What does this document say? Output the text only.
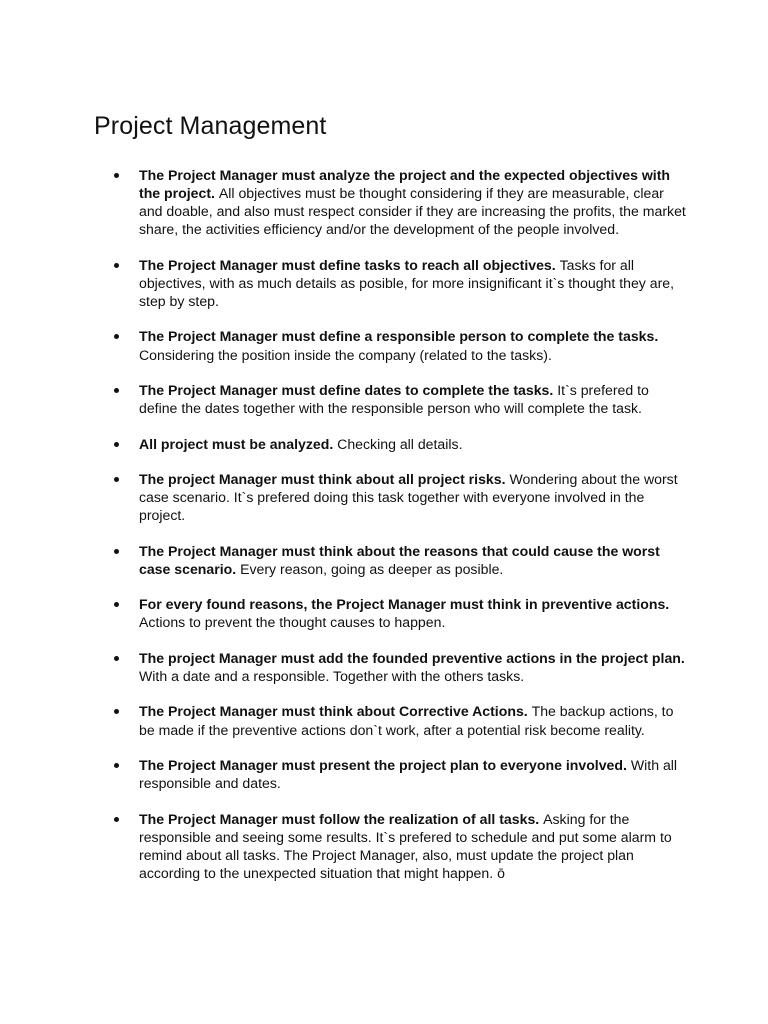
Project Management
The Project Manager must analyze the project and the expected objectives with the project. All objectives must be thought considering if they are measurable, clear and doable, and also must respect consider if they are increasing the profits, the market share, the activities efficiency and/or the development of the people involved.
The Project Manager must define tasks to reach all objectives. Tasks for all objectives, with as much details as posible, for more insignificant it`s thought they are, step by step.
The Project Manager must define a responsible person to complete the tasks. Considering the position inside the company (related to the tasks).
The Project Manager must define dates to complete the tasks. It`s prefered to define the dates together with the responsible person who will complete the task.
All project must be analyzed. Checking all details.
The project Manager must think about all project risks. Wondering about the worst case scenario. It`s prefered doing this task together with everyone involved in the project.
The Project Manager must think about the reasons that could cause the worst case scenario. Every reason, going as deeper as posible.
For every found reasons, the Project Manager must think in preventive actions. Actions to prevent the thought causes to happen.
The project Manager must add the founded preventive actions in the project plan. With a date and a responsible. Together with the others tasks.
The Project Manager must think about Corrective Actions. The backup actions, to be made if the preventive actions don`t work, after a potential risk become reality.
The Project Manager must present the project plan to everyone involved. With all responsible and dates.
The Project Manager must follow the realization of all tasks. Asking for the responsible and seeing some results. It`s prefered to schedule and put some alarm to remind about all tasks. The Project Manager, also, must update the project plan according to the unexpected situation that might happen. ō
